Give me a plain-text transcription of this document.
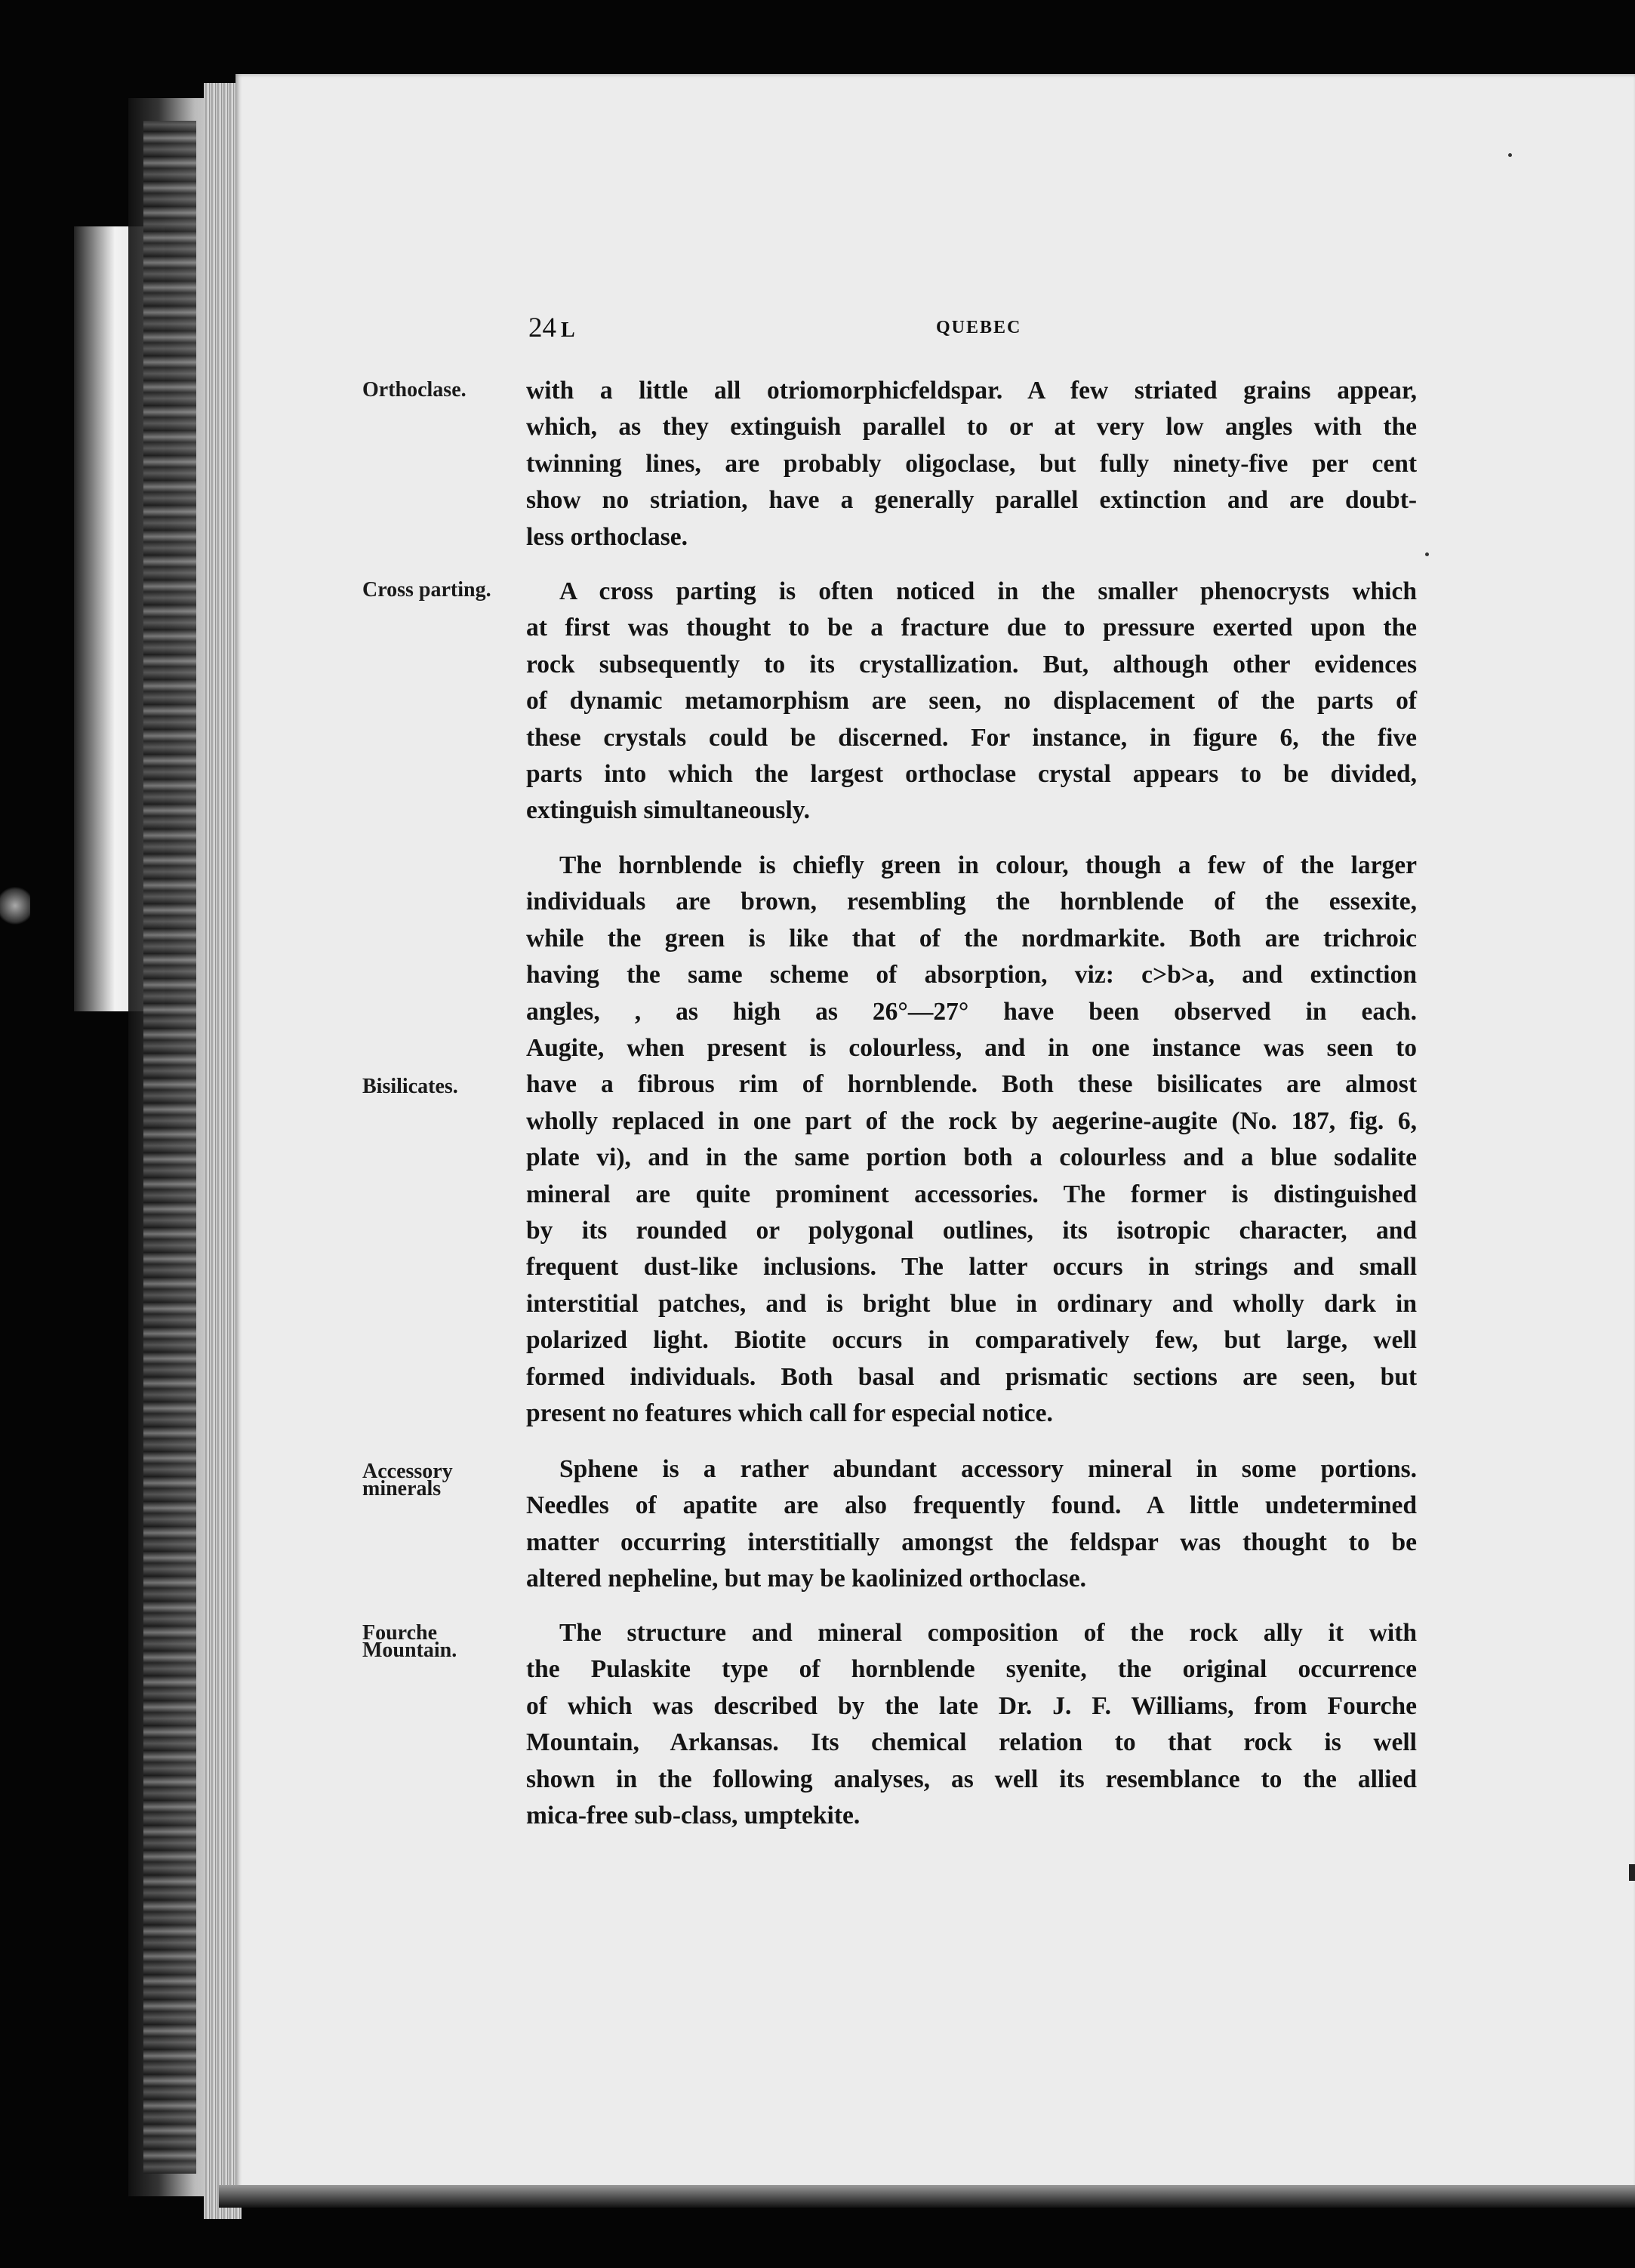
24 L	QUEBEC
Orthoclase.
Cross parting.
Bisilicates.
Accessory
minerals
Fourche
Mountain.
with a little all otriomorphicfeldspar. A few striated grains appear,
which, as they extinguish parallel to or at very low angles with the
twinning lines, are probably oligoclase, but fully ninety-five per cent
show no striation, have a generally parallel extinction and are doubt-
less orthoclase.
A cross parting is often noticed in the smaller phenocrysts which
at first was thought to be a fracture due to pressure exerted upon the
rock subsequently to its crystallization. But, although other evidences
of dynamic metamorphism are seen, no displacement of the parts of
these crystals could be discerned. For instance, in figure 6, the five
parts into which the largest orthoclase crystal appears to be divided,
extinguish simultaneously.
The hornblende is chiefly green in colour, though a few of the larger
individuals are brown, resembling the hornblende of the essexite,
while the green is like that of the nordmarkite. Both are trichroic
having the same scheme of absorption, viz: c>b>a, and extinction
angles, , as high as 26°—27° have been observed in each.
Augite, when present is colourless, and in one instance was seen to
have a fibrous rim of hornblende. Both these bisilicates are almost
wholly replaced in one part of the rock by aegerine-augite (No. 187, fig. 6,
plate vi), and in the same portion both a colourless and a blue sodalite
mineral are quite prominent accessories. The former is distinguished
by its rounded or polygonal outlines, its isotropic character, and
frequent dust-like inclusions. The latter occurs in strings and small
interstitial patches, and is bright blue in ordinary and wholly dark in
polarized light. Biotite occurs in comparatively few, but large, well
formed individuals. Both basal and prismatic sections are seen, but
present no features which call for especial notice.
Sphene is a rather abundant accessory mineral in some portions.
Needles of apatite are also frequently found. A little undetermined
matter occurring interstitially amongst the feldspar was thought to be
altered nepheline, but may be kaolinized orthoclase.
The structure and mineral composition of the rock ally it with
the Pulaskite type of hornblende syenite, the original occurrence
of which was described by the late Dr. J. F. Williams, from Fourche
Mountain, Arkansas. Its chemical relation to that rock is well
shown in the following analyses, as well its resemblance to the allied
mica-free sub-class, umptekite.
